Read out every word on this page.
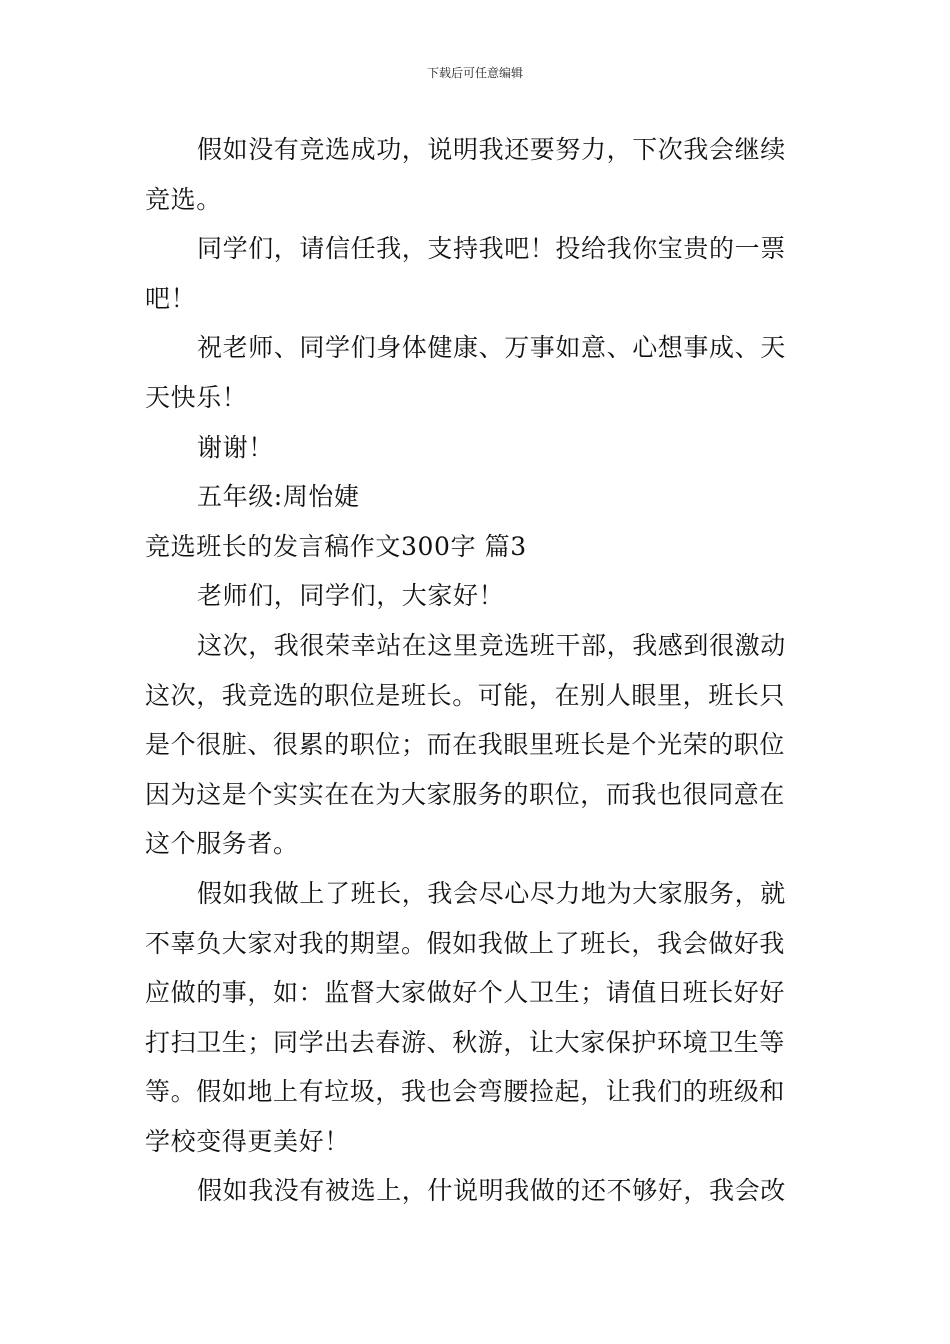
下载后可任意编辑

假如没有竞选成功，说明我还要努力，下次我会继续

竞选。

同学们，请信任我，支持我吧！投给我你宝贵的一票

吧！

祝老师、同学们身体健康、万事如意、心想事成、天

天快乐！

谢谢！

五年级:周怡婕

竞选班长的发言稿作文300字 篇3

老师们，同学们，大家好！

这次，我很荣幸站在这里竞选班干部，我感到很激动

这次，我竞选的职位是班长。可能，在别人眼里，班长只

是个很脏、很累的职位；而在我眼里班长是个光荣的职位

因为这是个实实在在为大家服务的职位，而我也很同意在

这个服务者。

假如我做上了班长，我会尽心尽力地为大家服务，就

不辜负大家对我的期望。假如我做上了班长，我会做好我

应做的事，如：监督大家做好个人卫生；请值日班长好好

打扫卫生；同学出去春游、秋游，让大家保护环境卫生等

等。假如地上有垃圾，我也会弯腰捡起，让我们的班级和

学校变得更美好！

假如我没有被选上，什说明我做的还不够好，我会改
